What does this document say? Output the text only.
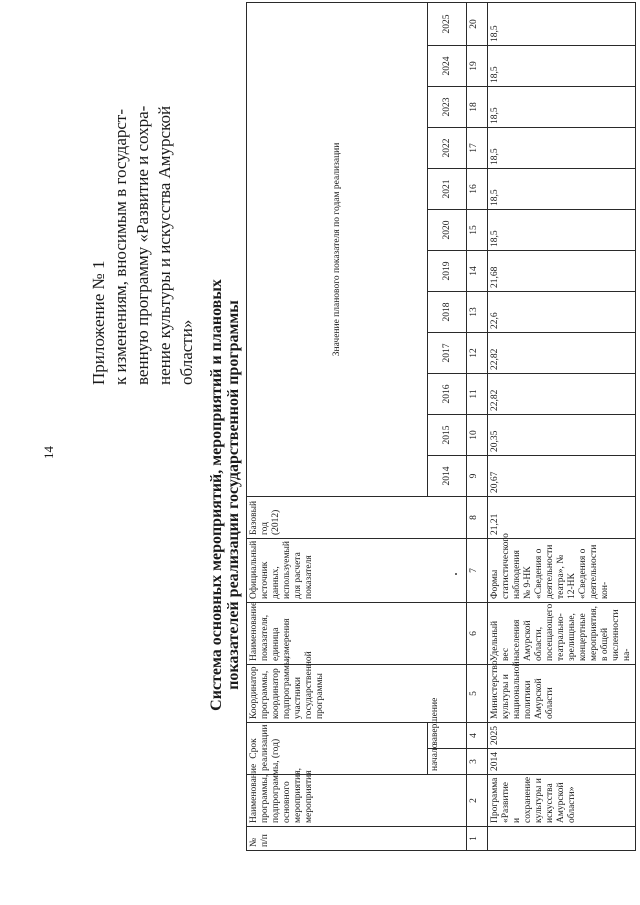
14
Приложение № 1 к изменениям, вносимым в государст- венную программу «Развитие и сохра- нение культуры и искусства Амурской области» Система основных мероприятий, мероприятий и плановых показателей реализации государственной программы
№ п/п	Наименование программы, подпрограммы, основного мероприятия, мероприятия	Срок реализации (год)		Координатор программы, координатор подпрограммы, участники государственной программы	Наименование показателя, единица измерения	Официальный источник данных, используемый для расчета показателя	Базовый год (2012)	Значение планового показателя по годам реализации											
		начало	завершение					2014	2015	2016	2017	2018	2019	2020	2021	2022	2023	2024	2025
1	2	3	4	5	6	7	8	9	10	11	12	13	14	15	16	17	18	19	20
	Программа «Развитие и сохранение культуры и искусства Амурской области»	2014	2025	Министерство культуры и национальной политики Амурской области	Удельный вес населения Амурской области, посещающего театрально-зрелищные, концертные мероприятия, в общей численности на-	Формы статистического наблюдения № 9-НК «Сведения о деятельности театра», № 12-НК «Сведения о деятельности кон-	21,21	20,67	20,35	22,82	22,82	22,6	21,68	18,5	18,5	18,5	18,5	18,5	18,5
